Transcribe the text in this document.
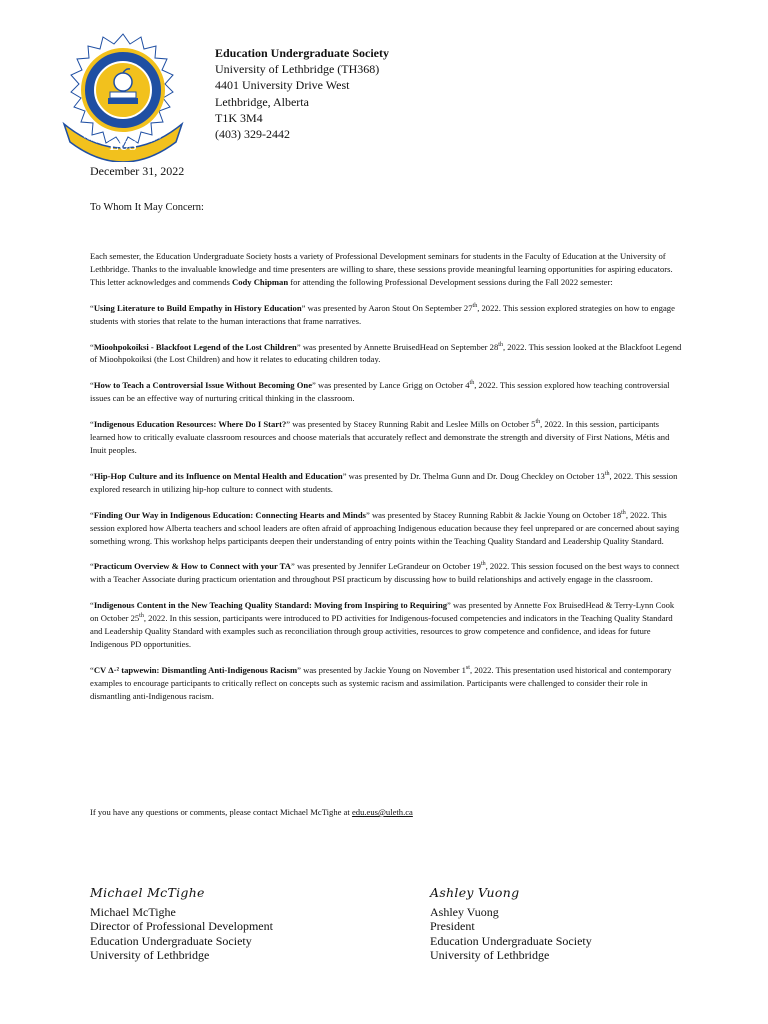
EUS
ULeth	1979
Education Undergraduate Society
University of Lethbridge (TH368)
4401 University Drive West
Lethbridge, Alberta
T1K 3M4
(403) 329-2442
December 31, 2022
To Whom It May Concern:

Each semester, the Education Undergraduate Society hosts a variety of Professional Development seminars for students in the Faculty of Education at the University of Lethbridge. Thanks to the invaluable knowledge and time presenters are willing to share, these sessions provide meaningful learning opportunities for aspiring educators. This letter acknowledges and commends Cody Chipman for attending the following Professional Development sessions during the Fall 2022 semester:

“Using Literature to Build Empathy in History Education” was presented by Aaron Stout On September 27th, 2022. This session explored strategies on how to engage students with stories that relate to the human interactions that frame narratives.

“Mioohpokoiksi - Blackfoot Legend of the Lost Children” was presented by Annette BruisedHead on September 28th, 2022. This session looked at the Blackfoot Legend of Mioohpokoiksi (the Lost Children) and how it relates to educating children today.

“How to Teach a Controversial Issue Without Becoming One” was presented by Lance Grigg on October 4th, 2022. This session explored how teaching controversial issues can be an effective way of nurturing critical thinking in the classroom.

“Indigenous Education Resources: Where Do I Start?” was presented by Stacey Running Rabit and Leslee Mills on October 5th, 2022. In this session, participants learned how to critically evaluate classroom resources and choose materials that accurately reflect and demonstrate the strength and diversity of First Nations, Métis and Inuit peoples.

“Hip-Hop Culture and its Influence on Mental Health and Education” was presented by Dr. Thelma Gunn and Dr. Doug Checkley on October 13th, 2022. This session explored research in utilizing hip-hop culture to connect with students.

“Finding Our Way in Indigenous Education: Connecting Hearts and Minds” was presented by Stacey Running Rabbit & Jackie Young on October 18th, 2022. This session explored how Alberta teachers and school leaders are often afraid of approaching Indigenous education because they feel unprepared or are concerned about saying something wrong. This workshop helps participants deepen their understanding of entry points within the Teaching Quality Standard and Leadership Quality Standard.

“Practicum Overview & How to Connect with your TA” was presented by Jennifer LeGrandeur on October 19th, 2022. This session focused on the best ways to connect with a Teacher Associate during practicum orientation and throughout PSI practicum by discussing how to build relationships and actively engage in the classroom.

“Indigenous Content in the New Teaching Quality Standard: Moving from Inspiring to Requiring” was presented by Annette Fox BruisedHead & Terry-Lynn Cook on October 25th, 2022. In this session, participants were introduced to PD activities for Indigenous-focused competencies and indicators in the Teaching Quality Standard and Leadership Quality Standard with examples such as reconciliation through group activities, resources to grow competence and confidence, and ideas for future Indigenous PD opportunities.

“CV Δ·² tapwewin: Dismantling Anti-Indigenous Racism” was presented by Jackie Young on November 1st, 2022. This presentation used historical and contemporary examples to encourage participants to critically reflect on concepts such as systemic racism and assimilation. Participants were challenged to consider their role in dismantling anti-Indigenous racism.

If you have any questions or comments, please contact Michael McTighe at edu.eus@uleth.ca
Michael McTighe
Michael McTighe
Director of Professional Development
Education Undergraduate Society
University of Lethbridge
Ashley Vuong
Ashley Vuong
President
Education Undergraduate Society
University of Lethbridge
